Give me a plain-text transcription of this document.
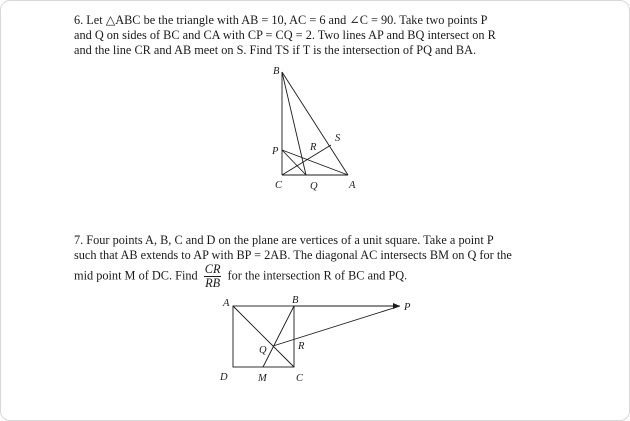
6. Let △ABC be the triangle with AB = 10, AC = 6 and ∠C = 90. Take two points P
and Q on sides of BC and CA with CP = CQ = 2. Two lines AP and BQ intersect on R
and the line CR and AB meet on S. Find TS if T is the intersection of PQ and BA.
B
P	R
S
C	Q	A
7. Four points A, B, C and D on the plane are vertices of a unit square. Take a point P
such that AB extends to AP with BP = 2AB. The diagonal AC intersects BM on Q for the
mid point M of DC. Find $\frac{CR}{RB}$ for the intersection R of BC and PQ.
A	B
P
Q	R
D	M	C
